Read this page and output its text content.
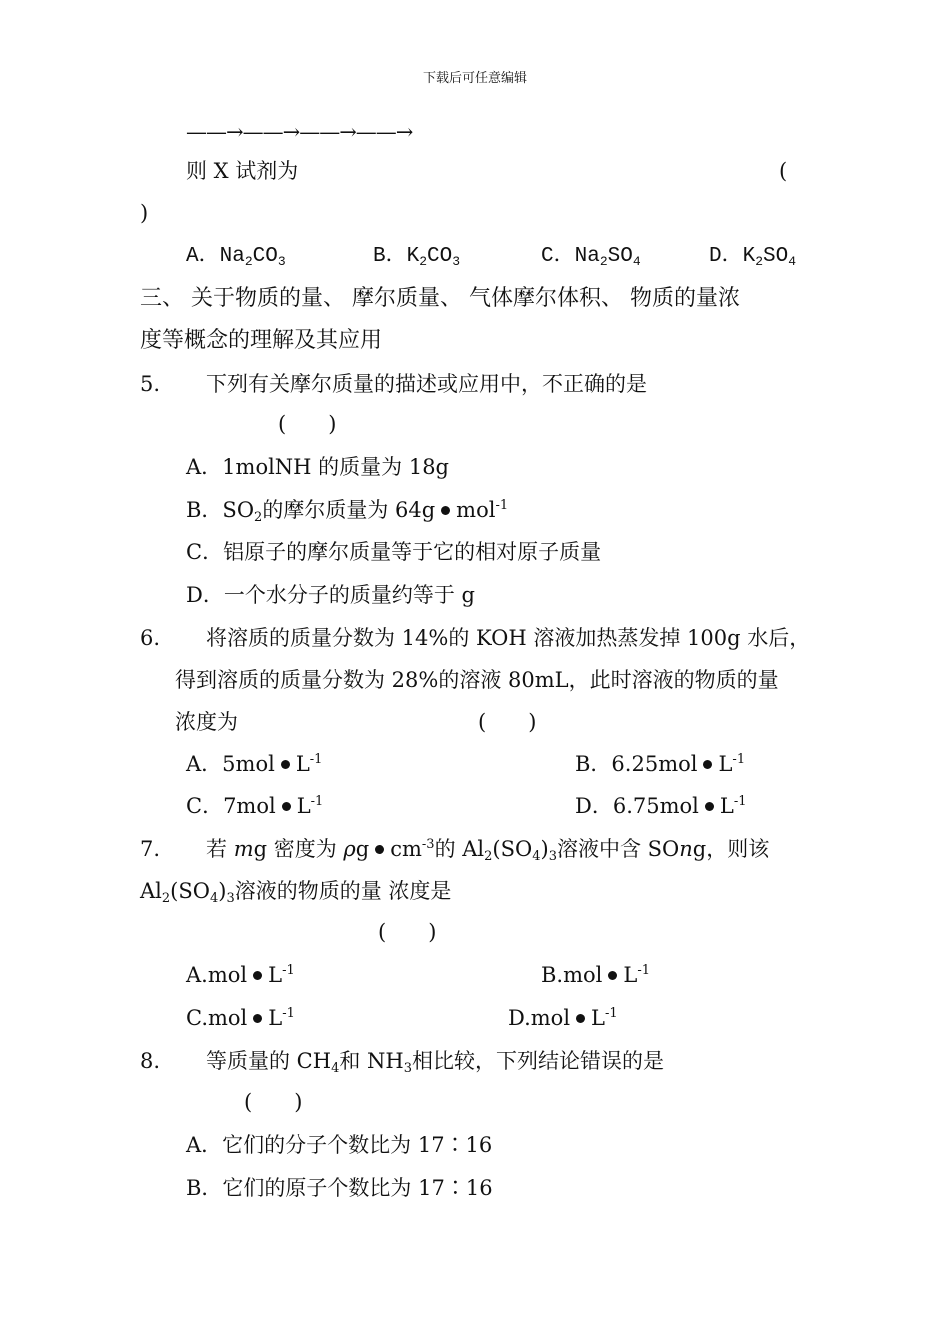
下载后可任意编辑
——→——→——→——→
则 X 试剂为	(
)
A．$Na_2CO_3$	B．$K_2CO_3$	C．$Na_2SO_4$	D．$K_2SO_4$
三、 关于物质的量、 摩尔质量、 气体摩尔体积、 物质的量浓
度等概念的理解及其应用
5. 下列有关摩尔质量的描述或应用中，不正确的是
(　　)
A．1molNH 的质量为 18g
B．$SO_2$的摩尔质量为 64g mol$^{-1}$
C．铝原子的摩尔质量等于它的相对原子质量
D．一个水分子的质量约等于 g
6. 将溶质的质量分数为 14%的 KOH 溶液加热蒸发掉 100g 水后，
得到溶质的质量分数为 28%的溶液 80mL，此时溶液的物质的量
浓度为	(　　)
A．5mol $L^{-1}$	B．6.25mol $L^{-1}$
C．7mol $L^{-1}$	D．6.75mol $L^{-1}$
7. 若 mg 密度为 ρg $cm^{-3}$的 $Al_2(SO_4)_3$溶液中含 SOng，则该
$Al_2(SO_4)_3$溶液的物质的量 浓度是
(　　)
A.mol $L^{-1}$	B.mol $L^{-1}$
C.mol $L^{-1}$	D.mol $L^{-1}$
8. 等质量的 $CH_4$和 $NH_3$相比较，下列结论错误的是
(　　)
A．它们的分子个数比为 17∶16
B．它们的原子个数比为 17∶16
